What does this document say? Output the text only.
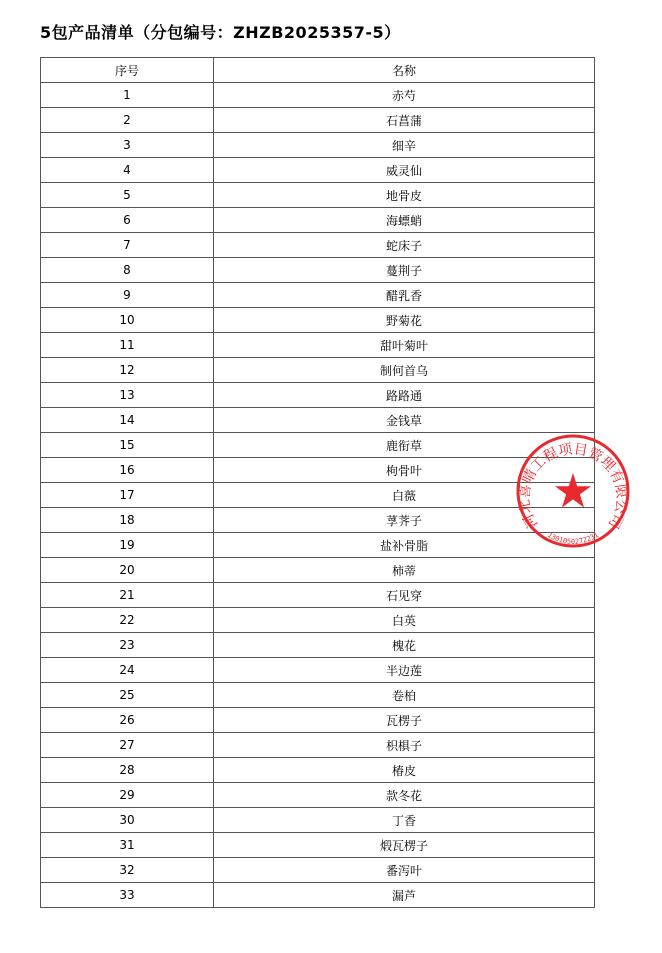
5包产品清单（分包编号：ZHZB2025357-5）
序号	名称
1	赤芍
2	石菖蒲
3	细辛
4	威灵仙
5	地骨皮
6	海螵蛸
7	蛇床子
8	蔓荆子
9	醋乳香
10	野菊花
11	甜叶菊叶
12	制何首乌
13	路路通
14	金钱草
15	鹿衔草
16	枸骨叶
17	白薇
18	莩荠子
19	盐补骨脂
20	柿蒂
21	石见穿
22	白英
23	槐花
24	半边莲
25	卷柏
26	瓦楞子
27	枳椇子
28	椿皮
29	款冬花
30	丁香
31	煅瓦楞子
32	番泻叶
33	漏芦
河北喜晴工程项目管理有限公司
1301050272231
